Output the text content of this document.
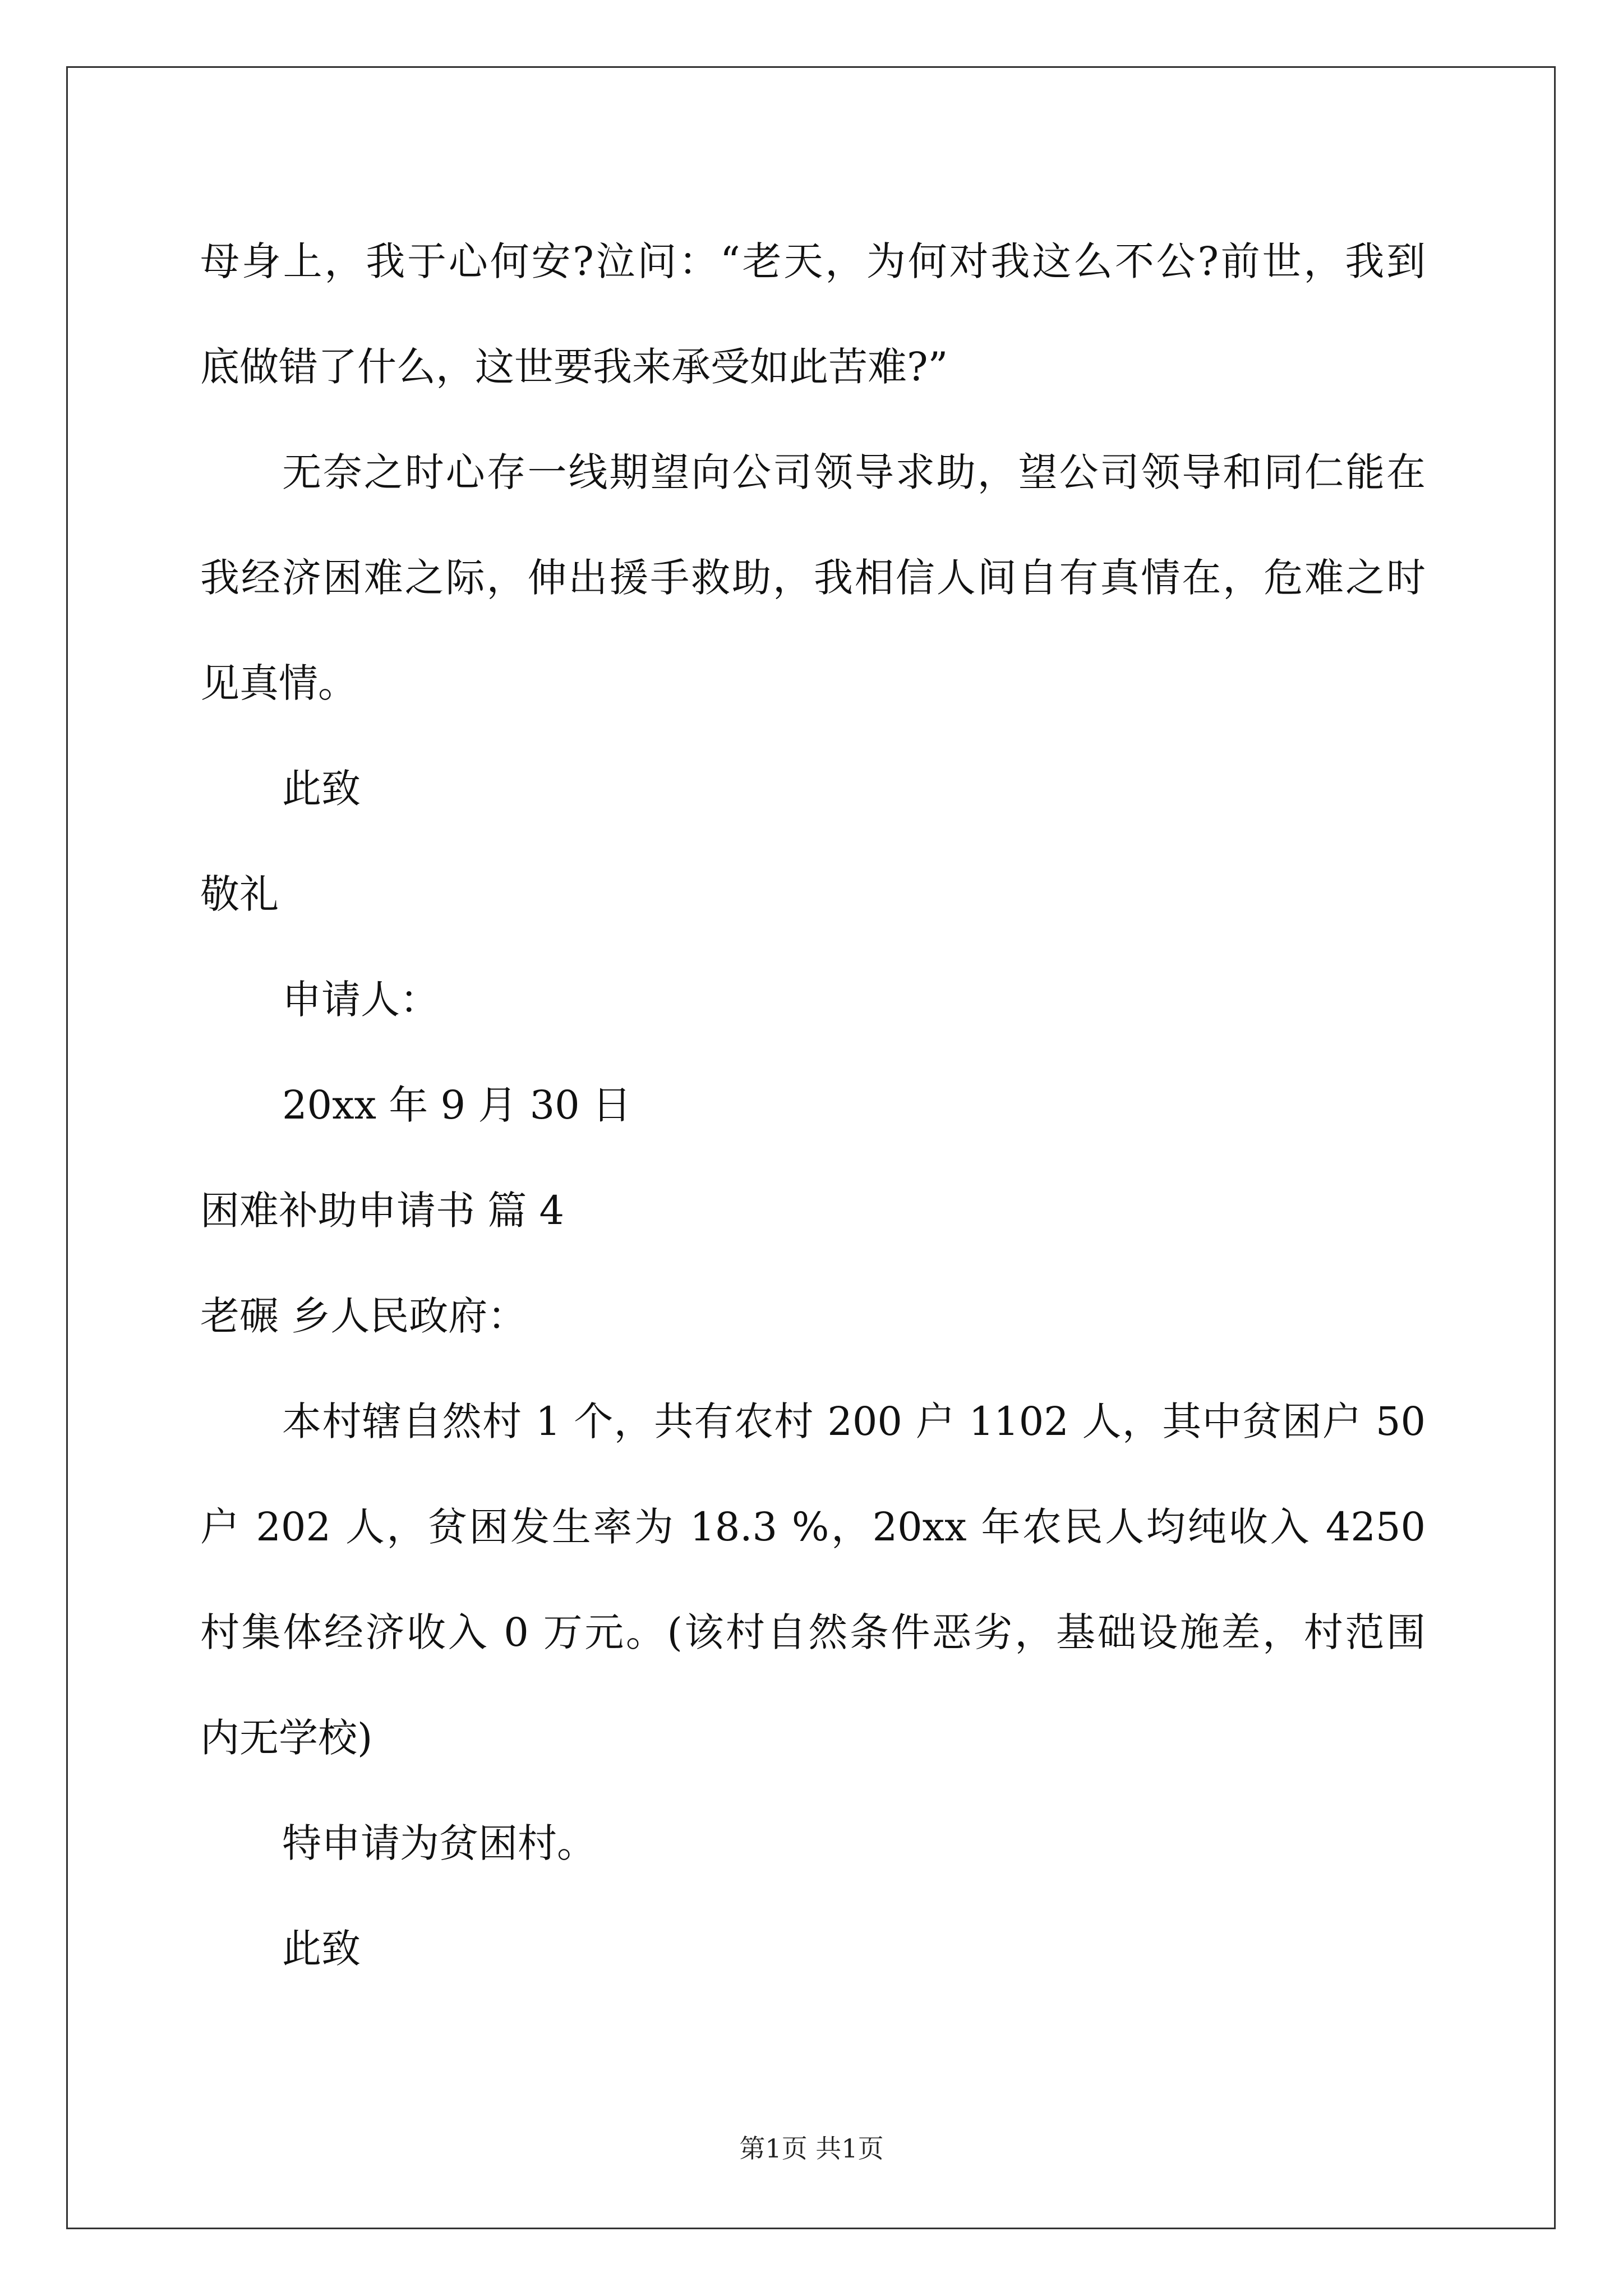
母身上，我于心何安?泣问：“老天，为何对我这么不公?前世，我到
底做错了什么，这世要我来承受如此苦难?”
无奈之时心存一线期望向公司领导求助，望公司领导和同仁能在
我经济困难之际，伸出援手救助，我相信人间自有真情在，危难之时
见真情。
此致
敬礼
申请人：
20xx 年 9 月 30 日
困难补助申请书 篇 4
老碾 乡人民政府：
本村辖自然村 1 个，共有农村 200 户 1102 人，其中贫困户 50
户 202 人，贫困发生率为 18.3 %，20xx 年农民人均纯收入 4250
村集体经济收入 0 万元。(该村自然条件恶劣，基础设施差，村范围
内无学校)
特申请为贫困村。
此致
第1页 共1页
